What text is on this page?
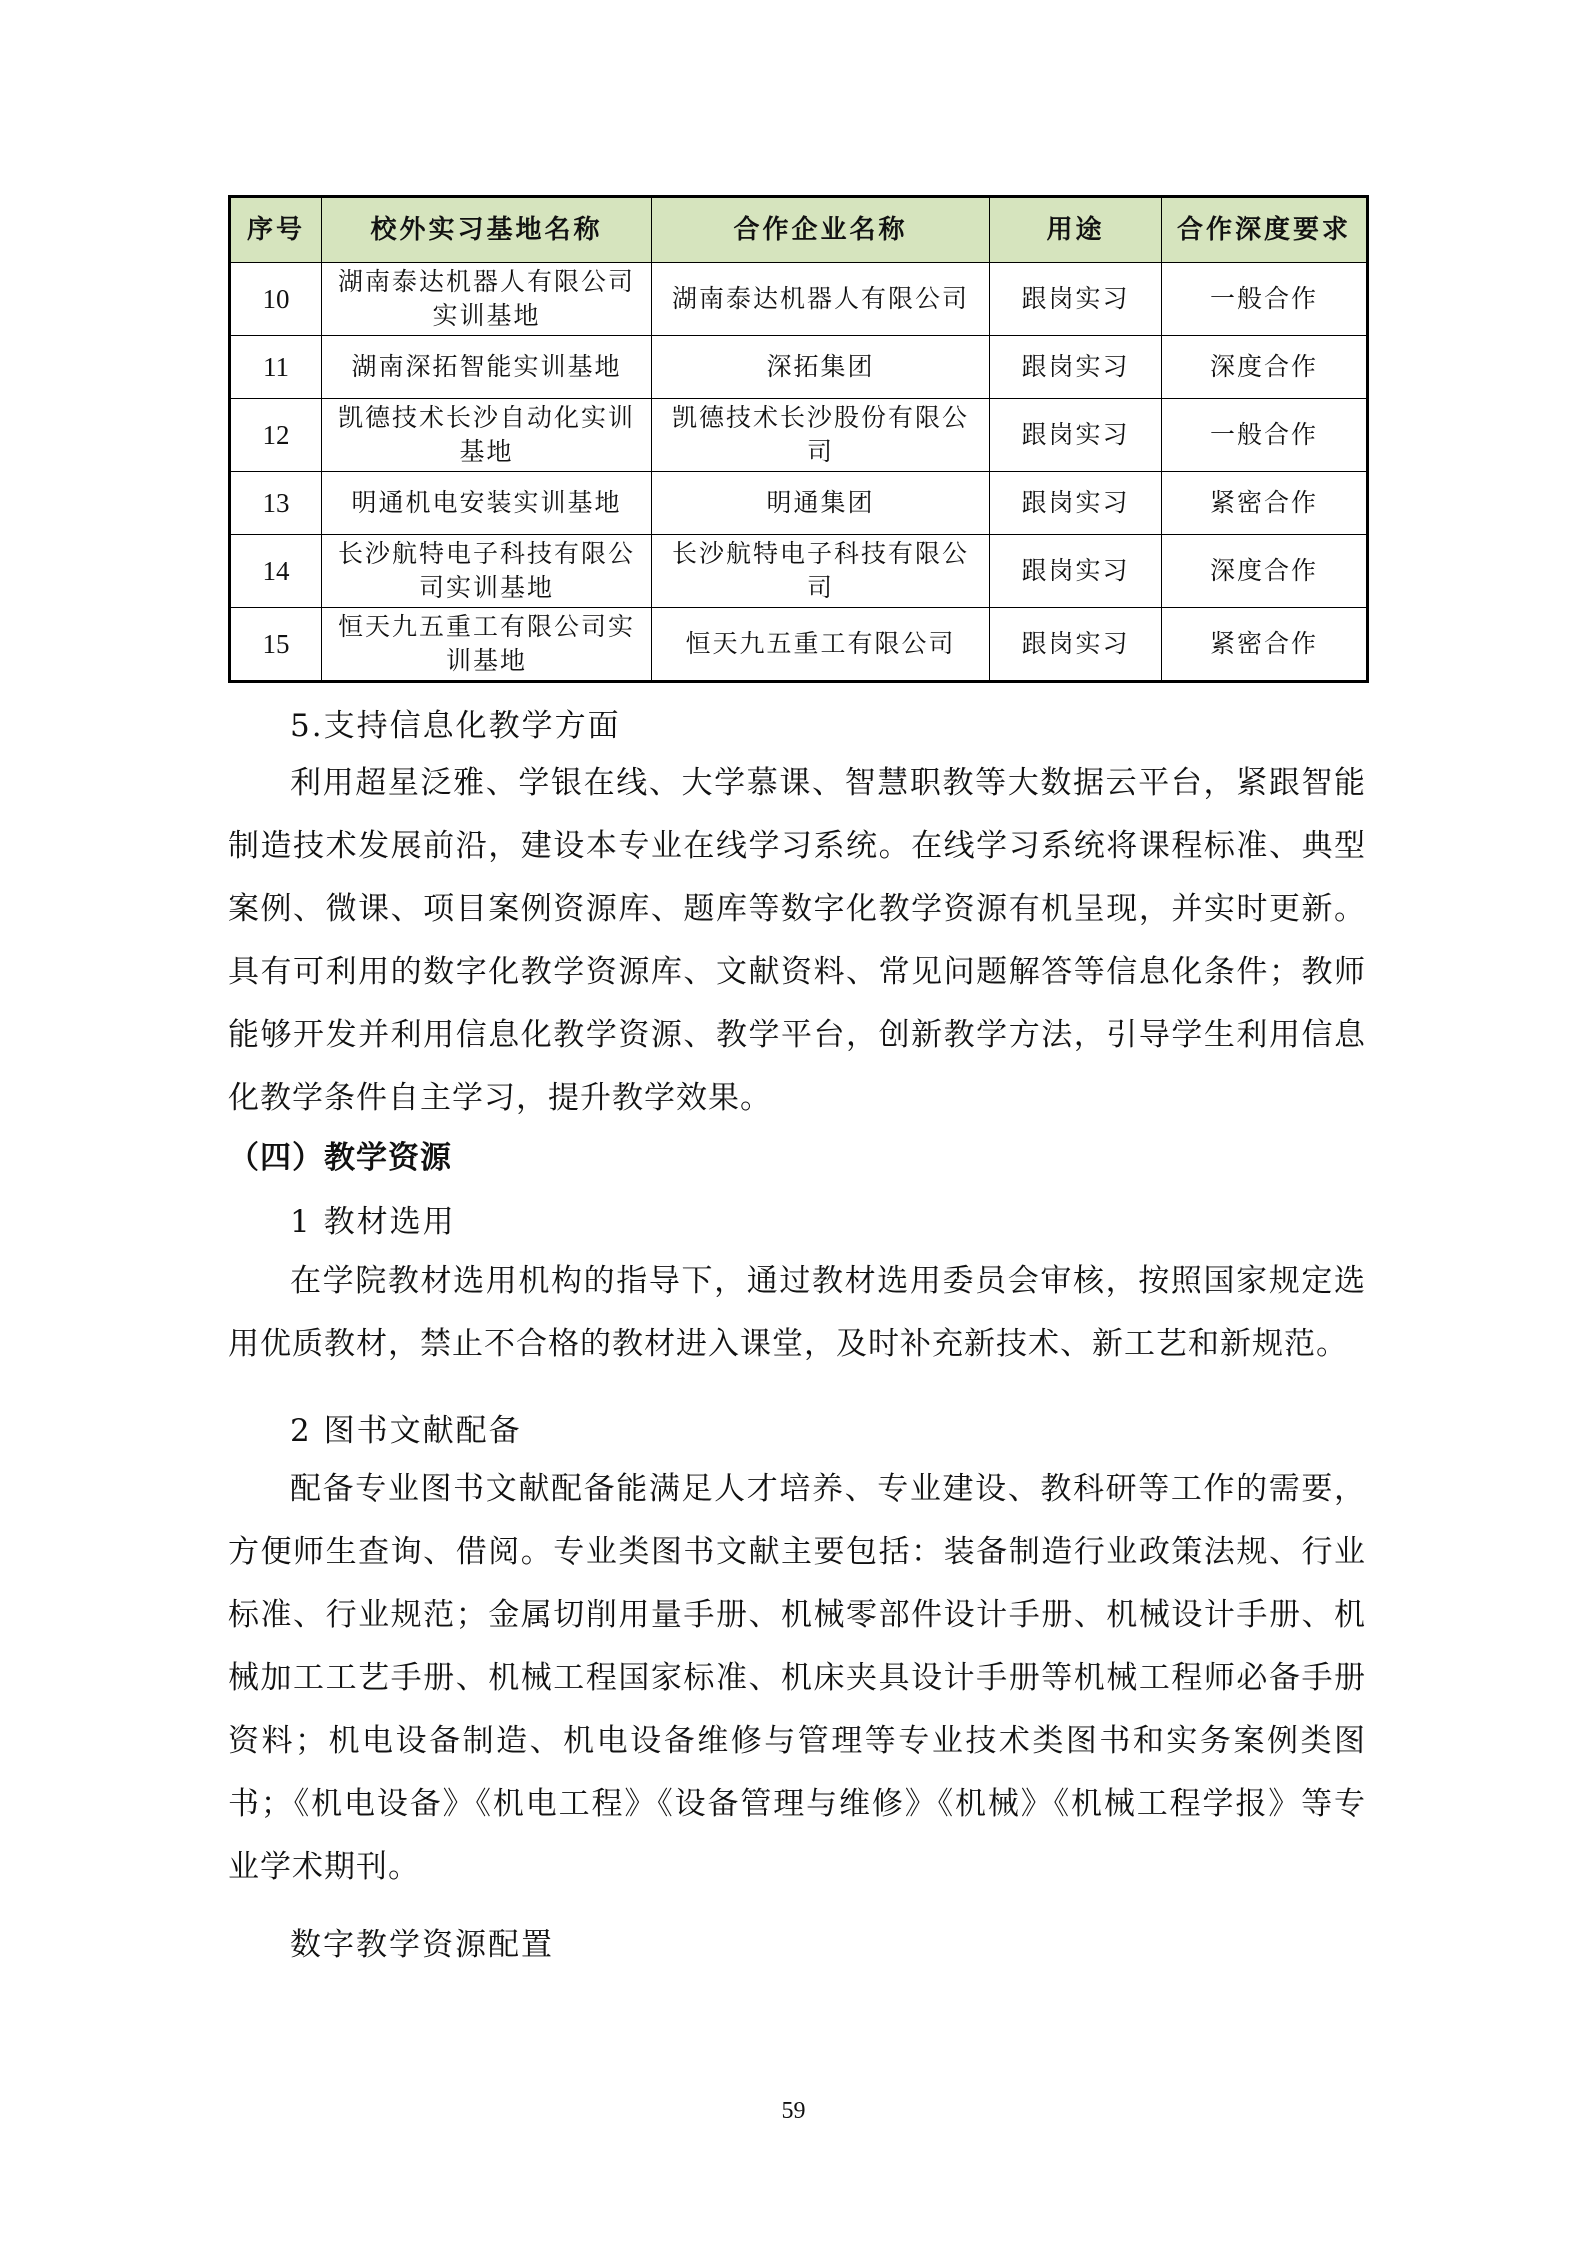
序号	校外实习基地名称	合作企业名称	用途	合作深度要求
10	湖南泰达机器人有限公司实训基地	湖南泰达机器人有限公司	跟岗实习	一般合作
11	湖南深拓智能实训基地	深拓集团	跟岗实习	深度合作
12	凯德技术长沙自动化实训基地	凯德技术长沙股份有限公司	跟岗实习	一般合作
13	明通机电安装实训基地	明通集团	跟岗实习	紧密合作
14	长沙航特电子科技有限公司实训基地	长沙航特电子科技有限公司	跟岗实习	深度合作
15	恒天九五重工有限公司实训基地	恒天九五重工有限公司	跟岗实习	紧密合作
5.支持信息化教学方面
利用超星泛雅、学银在线、大学慕课、智慧职教等大数据云平台，紧跟智能制造技术发展前沿，建设本专业在线学习系统。在线学习系统将课程标准、典型案例、微课、项目案例资源库、题库等数字化教学资源有机呈现，并实时更新。具有可利用的数字化教学资源库、文献资料、常见问题解答等信息化条件；教师能够开发并利用信息化教学资源、教学平台，创新教学方法，引导学生利用信息化教学条件自主学习，提升教学效果。
（四）教学资源
1 教材选用
在学院教材选用机构的指导下，通过教材选用委员会审核，按照国家规定选用优质教材，禁止不合格的教材进入课堂，及时补充新技术、新工艺和新规范。
2 图书文献配备
配备专业图书文献配备能满足人才培养、专业建设、教科研等工作的需要，方便师生查询、借阅。专业类图书文献主要包括：装备制造行业政策法规、行业标准、行业规范；金属切削用量手册、机械零部件设计手册、机械设计手册、机械加工工艺手册、机械工程国家标准、机床夹具设计手册等机械工程师必备手册资料；机电设备制造、机电设备维修与管理等专业技术类图书和实务案例类图书；《机电设备》《机电工程》《设备管理与维修》《机械》《机械工程学报》等专业学术期刊。
数字教学资源配置
59
